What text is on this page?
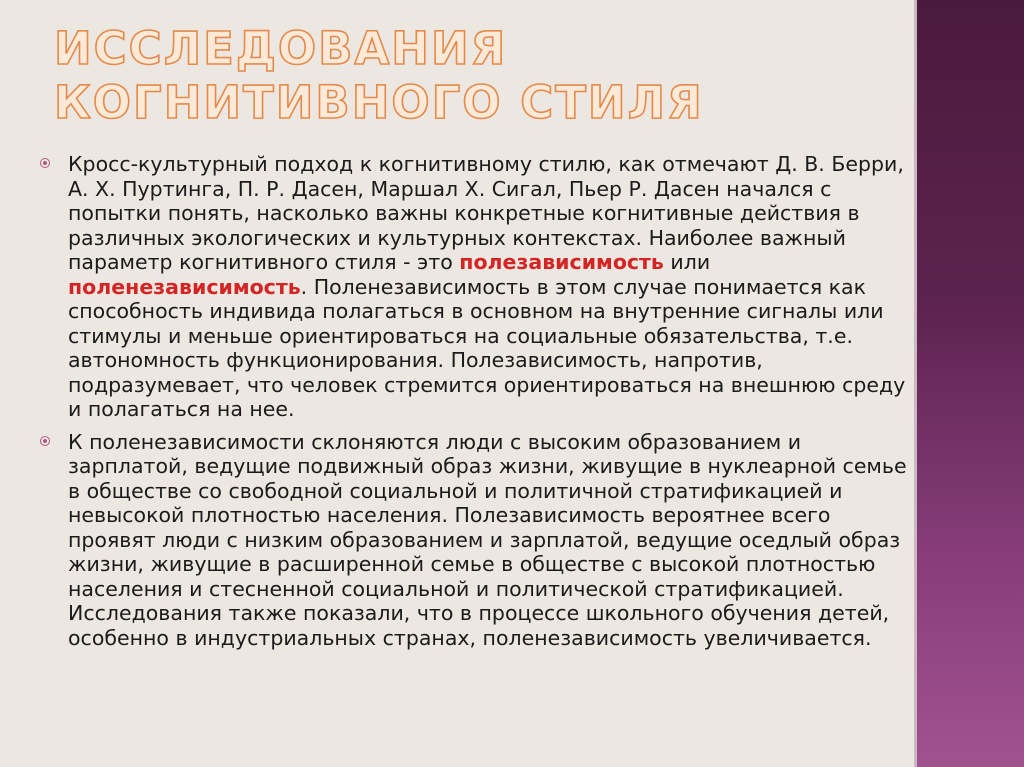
ИССЛЕДОВАНИЯ КОГНИТИВНОГО СТИЛЯ

Кросс-культурный подход к когнитивному стилю, как отмечают Д. В. Берри, А. Х. Пуртинга, П. Р. Дасен, Маршал Х. Сигал, Пьер Р. Дасен начался с попытки понять, насколько важны конкретные когнитивные действия в различных экологических и культурных контекстах. Наиболее важный параметр когнитивного стиля - это полезависимость или поленезависимость. Поленезависимость в этом случае понимается как способность индивида полагаться в основном на внутренние сигналы или стимулы и меньше ориентироваться на социальные обязательства, т.е. автономность функционирования. Полезависимость, напротив, подразумевает, что человек стремится ориентироваться на внешнюю среду и полагаться на нее.

К поленезависимости склоняются люди с высоким образованием и зарплатой, ведущие подвижный образ жизни, живущие в нуклеарной семье в обществе со свободной социальной и политичной стратификацией и невысокой плотностью населения. Полезависимость вероятнее всего проявят люди с низким образованием и зарплатой, ведущие оседлый образ жизни, живущие в расширенной семье в обществе с высокой плотностью населения и стесненной социальной и политической стратификацией. Исследования также показали, что в процессе школьного обучения детей, особенно в индустриальных странах, поленезависимость увеличивается.
